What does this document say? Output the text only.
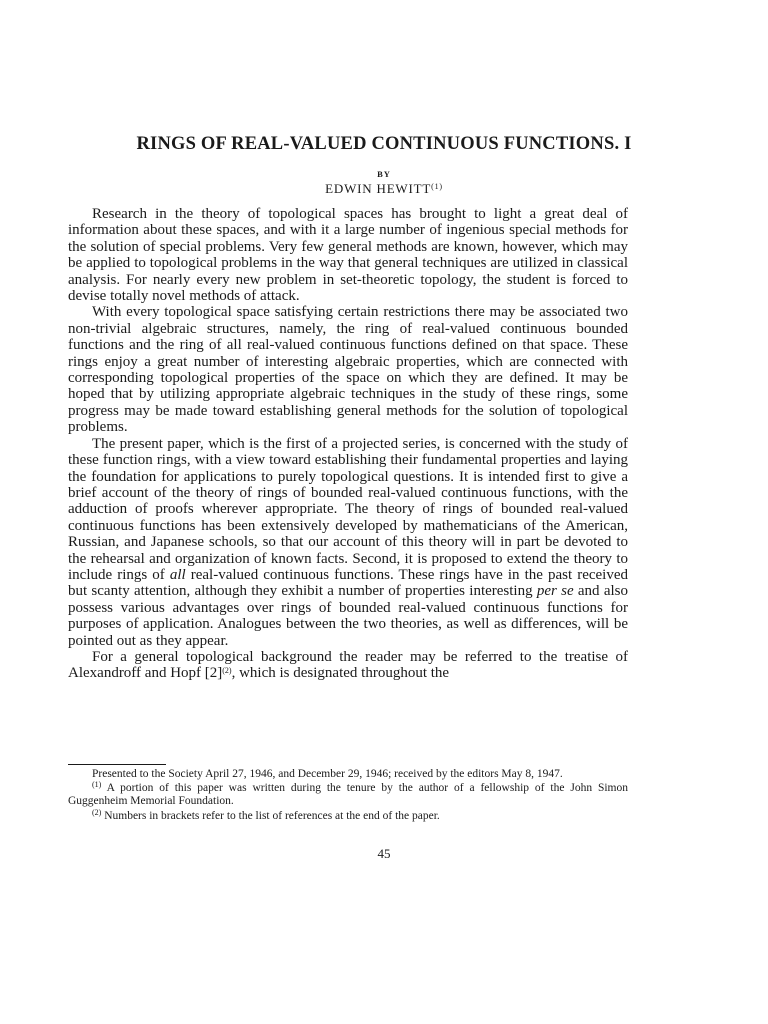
RINGS OF REAL-VALUED CONTINUOUS FUNCTIONS. I
BY
EDWIN HEWITT$^{(1)}$

Research in the theory of topological spaces has brought to light a great deal of information about these spaces, and with it a large number of ingenious special methods for the solution of special problems. Very few general methods are known, however, which may be applied to topological problems in the way that general techniques are utilized in classical analysis. For nearly every new problem in set-theoretic topology, the student is forced to devise totally novel methods of attack.

With every topological space satisfying certain restrictions there may be associated two non-trivial algebraic structures, namely, the ring of real-valued continuous bounded functions and the ring of all real-valued continuous functions defined on that space. These rings enjoy a great number of interesting algebraic properties, which are connected with corresponding topological properties of the space on which they are defined. It may be hoped that by utilizing appropriate algebraic techniques in the study of these rings, some progress may be made toward establishing general methods for the solution of topological problems.

The present paper, which is the first of a projected series, is concerned with the study of these function rings, with a view toward establishing their fundamental properties and laying the foundation for applications to purely topological questions. It is intended first to give a brief account of the theory of rings of bounded real-valued continuous functions, with the adduction of proofs wherever appropriate. The theory of rings of bounded real-valued continuous functions has been extensively developed by mathematicians of the American, Russian, and Japanese schools, so that our account of this theory will in part be devoted to the rehearsal and organization of known facts. Second, it is proposed to extend the theory to include rings of all real-valued continuous functions. These rings have in the past received but scanty attention, although they exhibit a number of properties interesting per se and also possess various advantages over rings of bounded real-valued continuous functions for purposes of application. Analogues between the two theories, as well as differences, will be pointed out as they appear.

For a general topological background the reader may be referred to the treatise of Alexandroff and Hopf [2]$^{(2)}$, which is designated throughout the

Presented to the Society April 27, 1946, and December 29, 1946; received by the editors May 8, 1947.

$^{(1)}$ A portion of this paper was written during the tenure by the author of a fellowship of the John Simon Guggenheim Memorial Foundation.

$^{(2)}$ Numbers in brackets refer to the list of references at the end of the paper.

45
